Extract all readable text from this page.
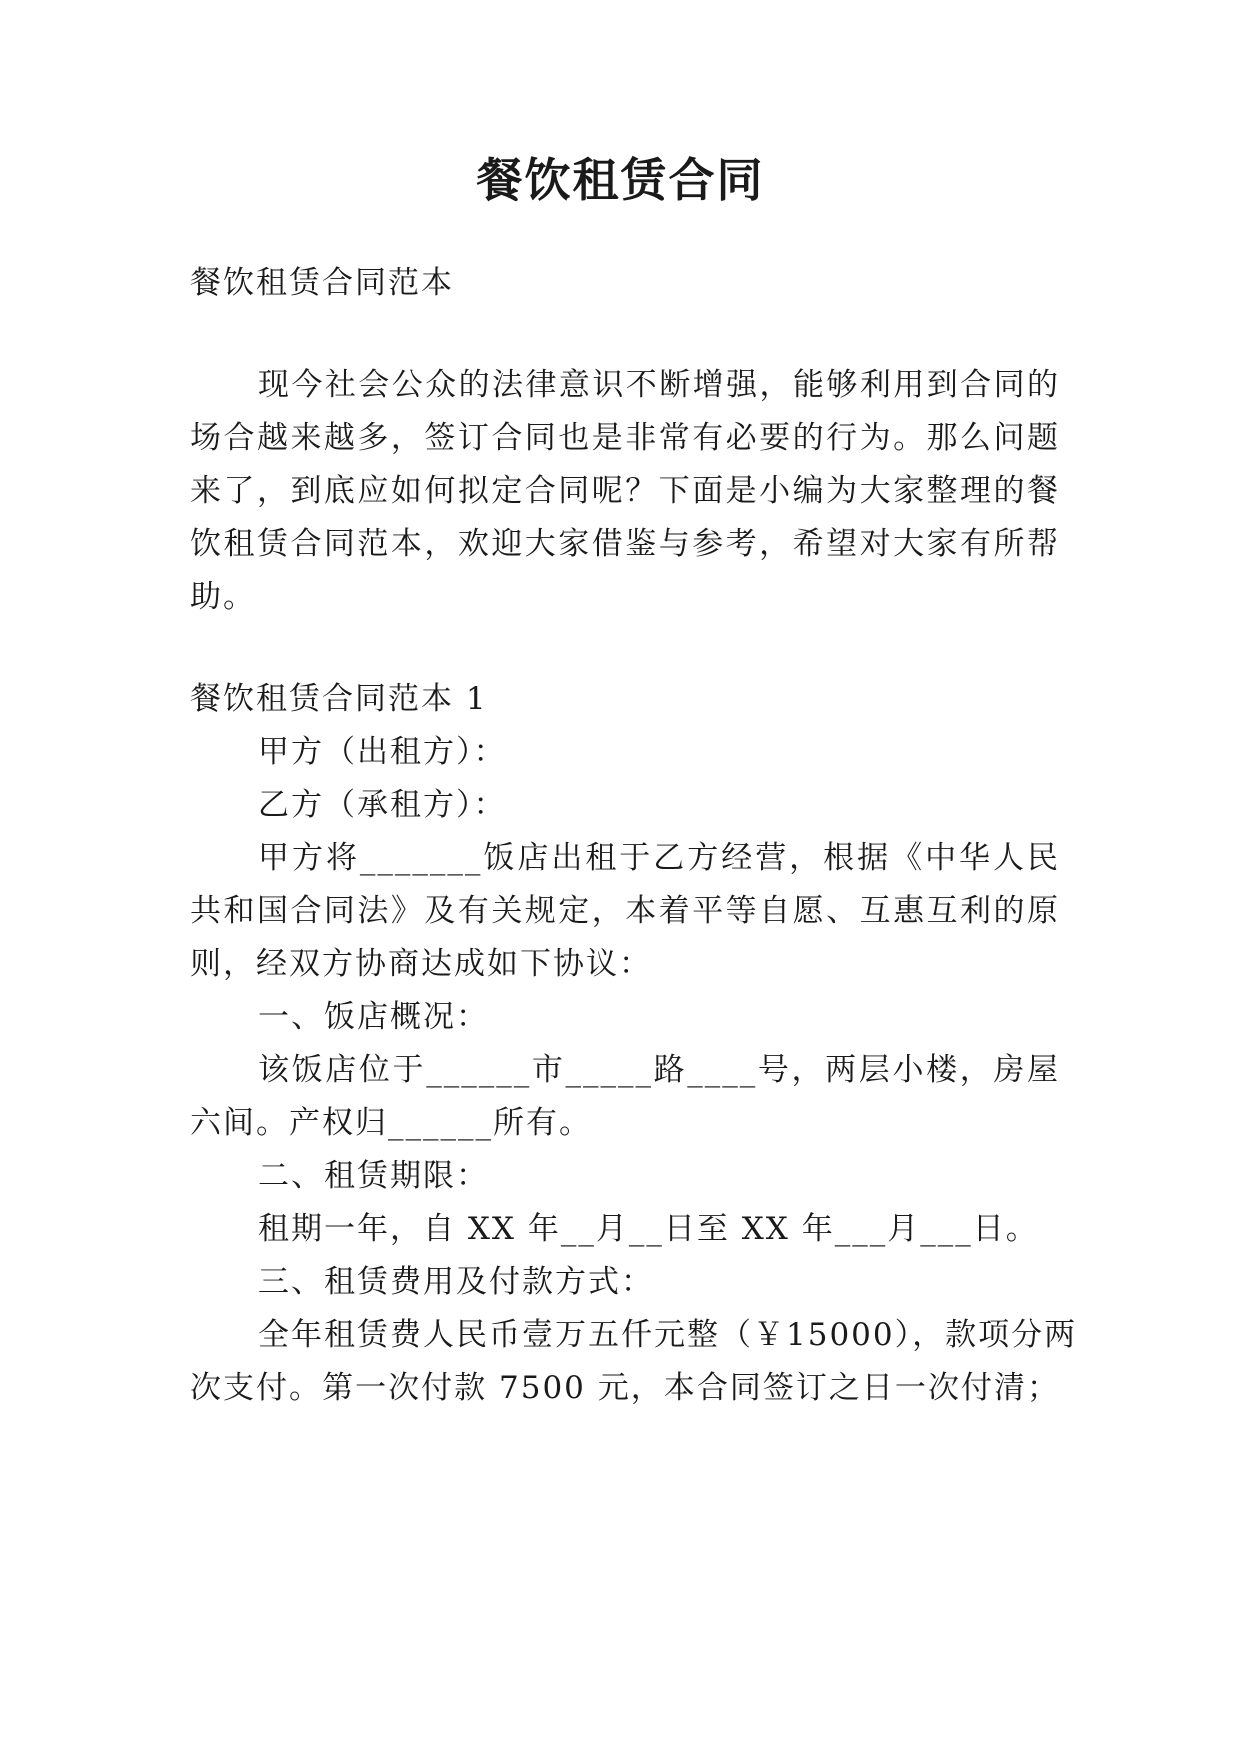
餐饮租赁合同
餐饮租赁合同范本
现今社会公众的法律意识不断增强，能够利用到合同的
场合越来越多，签订合同也是非常有必要的行为。那么问题
来了，到底应如何拟定合同呢？下面是小编为大家整理的餐
饮租赁合同范本，欢迎大家借鉴与参考，希望对大家有所帮
助。
餐饮租赁合同范本 1
甲方（出租方）：
乙方（承租方）：
甲方将_______饭店出租于乙方经营，根据《中华人民
共和国合同法》及有关规定，本着平等自愿、互惠互利的原
则，经双方协商达成如下协议：
一、饭店概况：
该饭店位于______市_____路____号，两层小楼，房屋
六间。产权归______所有。
二、租赁期限：
租期一年，自 XX 年__月__日至 XX 年___月___日。
三、租赁费用及付款方式：
全年租赁费人民币壹万五仟元整（￥15000），款项分两
次支付。第一次付款 7500 元，本合同签订之日一次付清；
